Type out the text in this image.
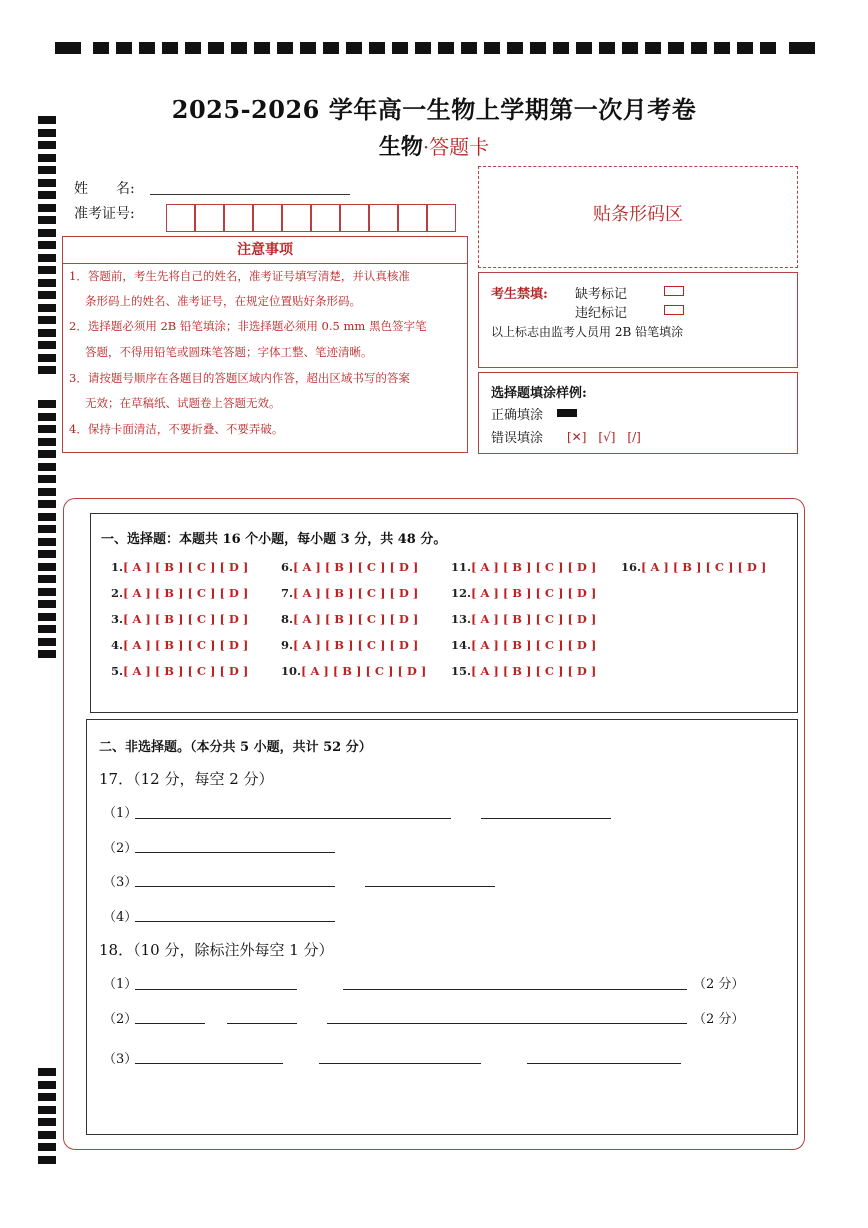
2025-2026 学年高一生物上学期第一次月考卷
生物·答题卡
姓　　名:
准考证号:
注意事项
1．答题前，考生先将自己的姓名，准考证号填写清楚，并认真核准
条形码上的姓名、准考证号，在规定位置贴好条形码。
2．选择题必须用 2B 铅笔填涂；非选择题必须用 0.5 mm 黑色签字笔
答题，不得用铅笔或圆珠笔答题；字体工整、笔迹清晰。
3．请按题号顺序在各题目的答题区域内作答，超出区域书写的答案
无效；在草稿纸、试题卷上答题无效。
4．保持卡面清洁，不要折叠、不要弄破。
贴条形码区
考生禁填: 缺考标记
违纪标记
以上标志由监考人员用 2B 铅笔填涂
选择题填涂样例:
正确填涂
错误填涂 [✕]　[√]　[/]
一、选择题：本题共 16 个小题，每小题 3 分，共 48 分。
1.[ A ] [ B ] [ C ] [ D ]
2.[ A ] [ B ] [ C ] [ D ]
3.[ A ] [ B ] [ C ] [ D ]
4.[ A ] [ B ] [ C ] [ D ]
5.[ A ] [ B ] [ C ] [ D ]
6.[ A ] [ B ] [ C ] [ D ]
7.[ A ] [ B ] [ C ] [ D ]
8.[ A ] [ B ] [ C ] [ D ]
9.[ A ] [ B ] [ C ] [ D ]
10.[ A ] [ B ] [ C ] [ D ]
11.[ A ] [ B ] [ C ] [ D ]
12.[ A ] [ B ] [ C ] [ D ]
13.[ A ] [ B ] [ C ] [ D ]
14.[ A ] [ B ] [ C ] [ D ]
15.[ A ] [ B ] [ C ] [ D ]
16.[ A ] [ B ] [ C ] [ D ]
二、非选择题。（本分共 5 小题，共计 52 分）
17．（12 分，每空 2 分）
（1）
（2）
（3）
（4）
18．（10 分，除标注外每空 1 分）
（1）	（2 分）
（2）	（2 分）
（3）
